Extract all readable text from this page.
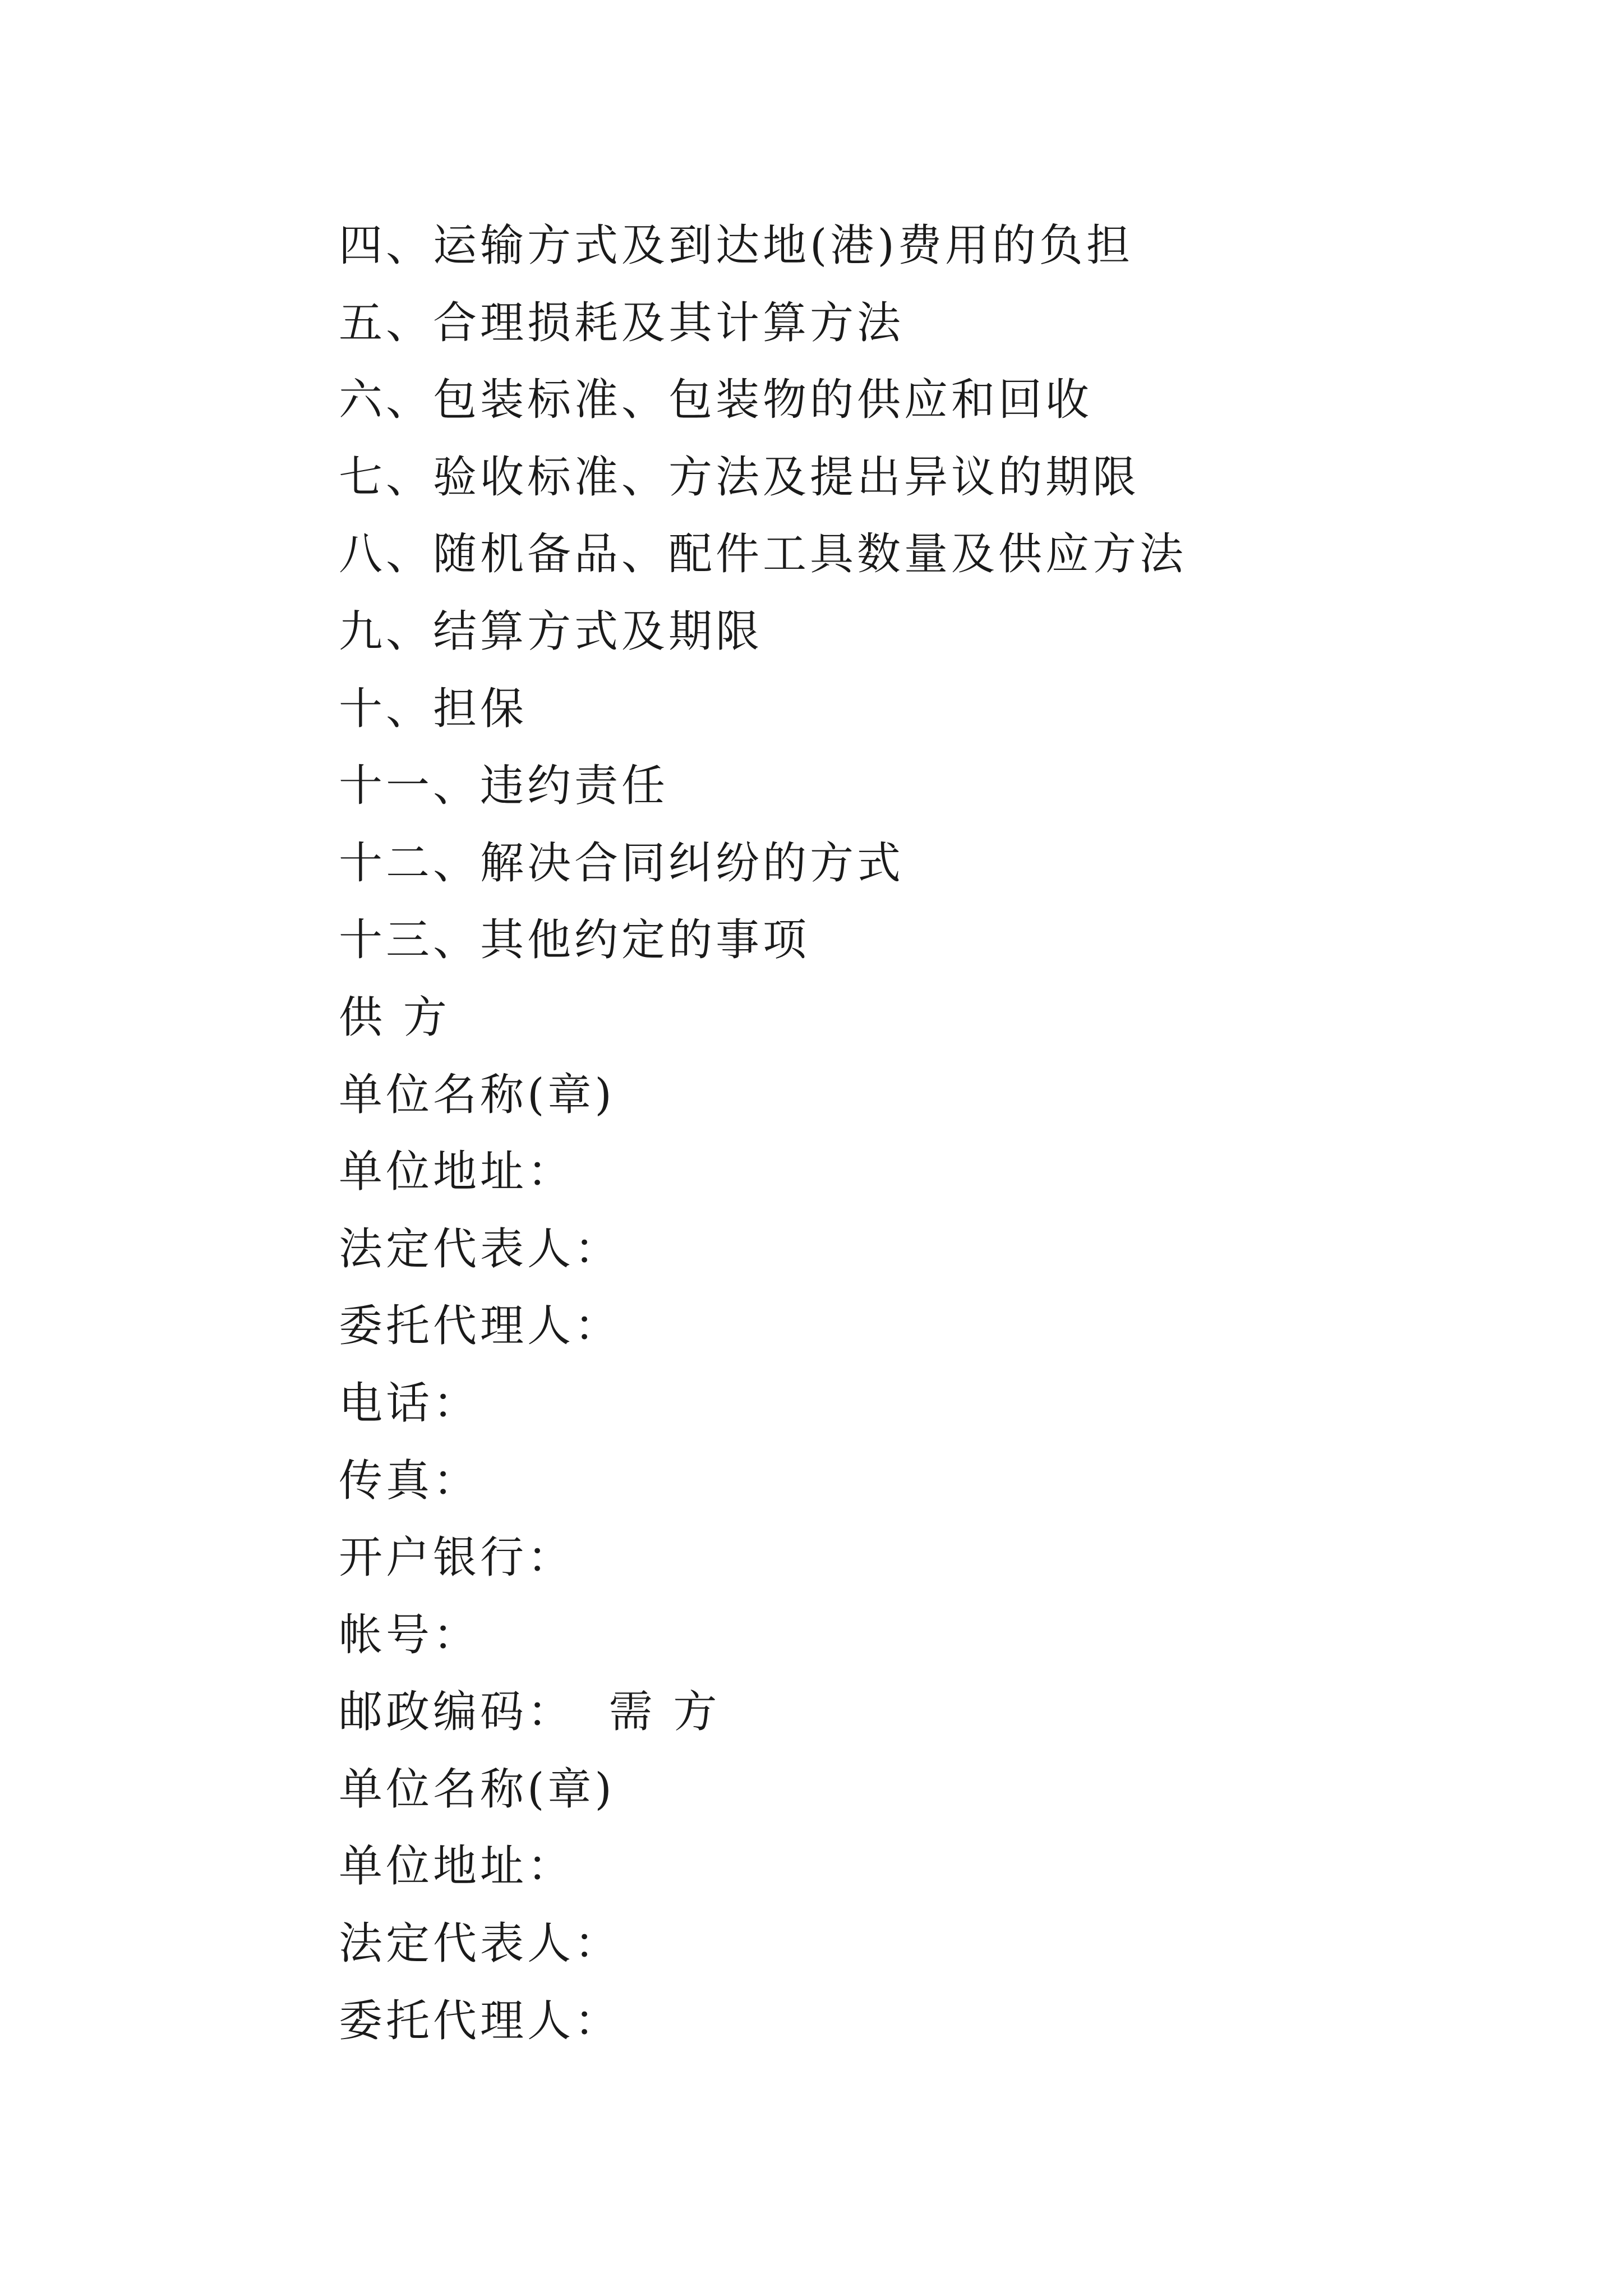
四、运输方式及到达地(港)费用的负担
五、合理损耗及其计算方法
六、包装标准、包装物的供应和回收
七、验收标准、方法及提出异议的期限
八、随机备品、配件工具数量及供应方法
九、结算方式及期限
十、担保
十一、违约责任
十二、解决合同纠纷的方式
十三、其他约定的事项
供 方
单位名称(章)
单位地址：
法定代表人：
委托代理人：
电话：
传真：
开户银行：
帐号：
邮政编码：  需 方
单位名称(章)
单位地址：
法定代表人：
委托代理人：
